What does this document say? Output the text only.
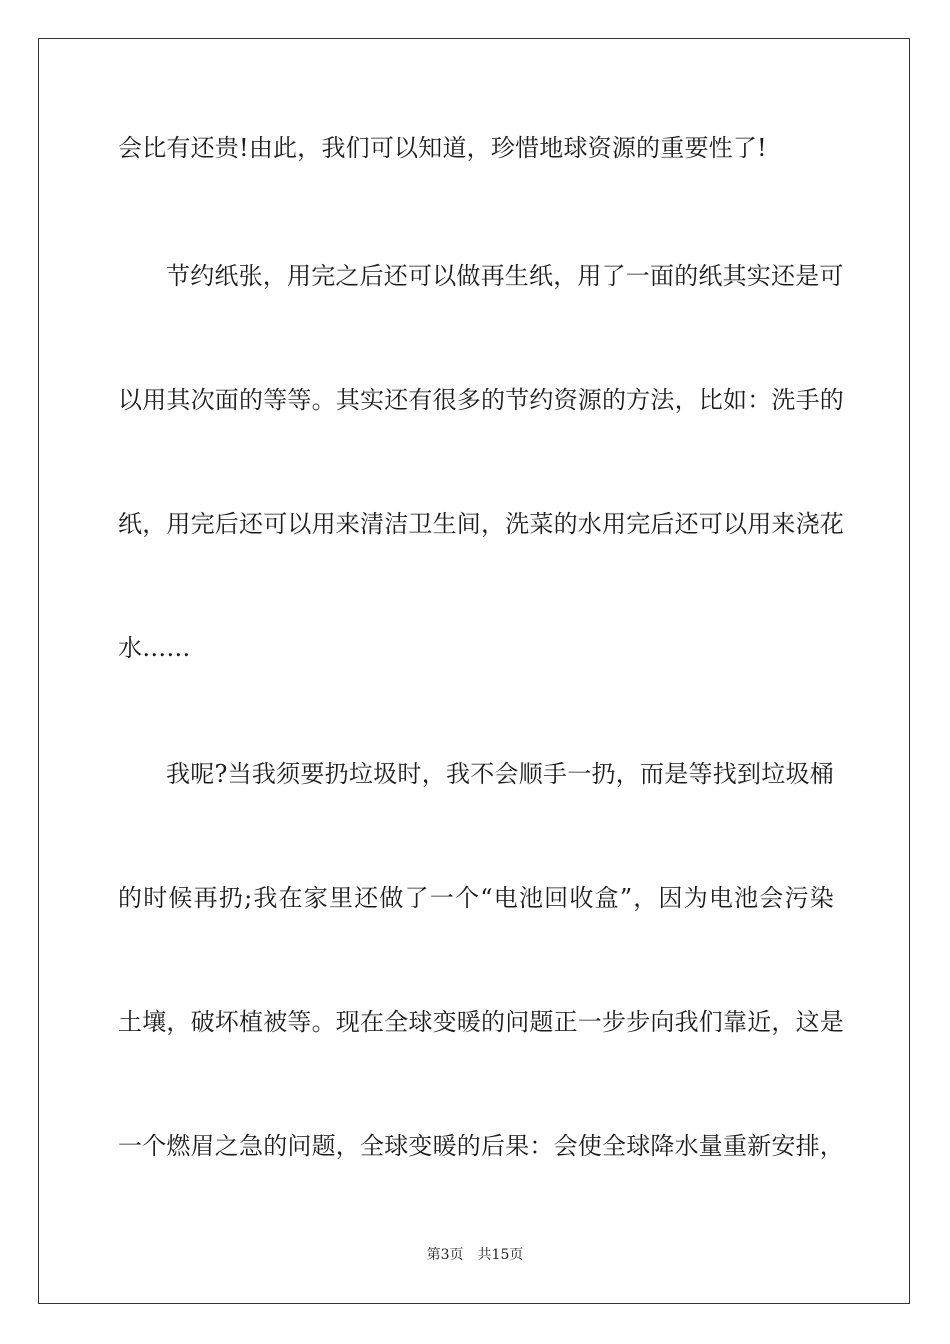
会比有还贵!由此，我们可以知道，珍惜地球资源的重要性了!
节约纸张，用完之后还可以做再生纸，用了一面的纸其实还是可
以用其次面的等等。其实还有很多的节约资源的方法，比如：洗手的
纸，用完后还可以用来清洁卫生间，洗菜的水用完后还可以用来浇花
水……
我呢?当我须要扔垃圾时，我不会顺手一扔，而是等找到垃圾桶
的时候再扔;我在家里还做了一个“电池回收盒”，因为电池会污染
土壤，破坏植被等。现在全球变暖的问题正一步步向我们靠近，这是
一个燃眉之急的问题，全球变暖的后果：会使全球降水量重新安排，
第3页 共15页
